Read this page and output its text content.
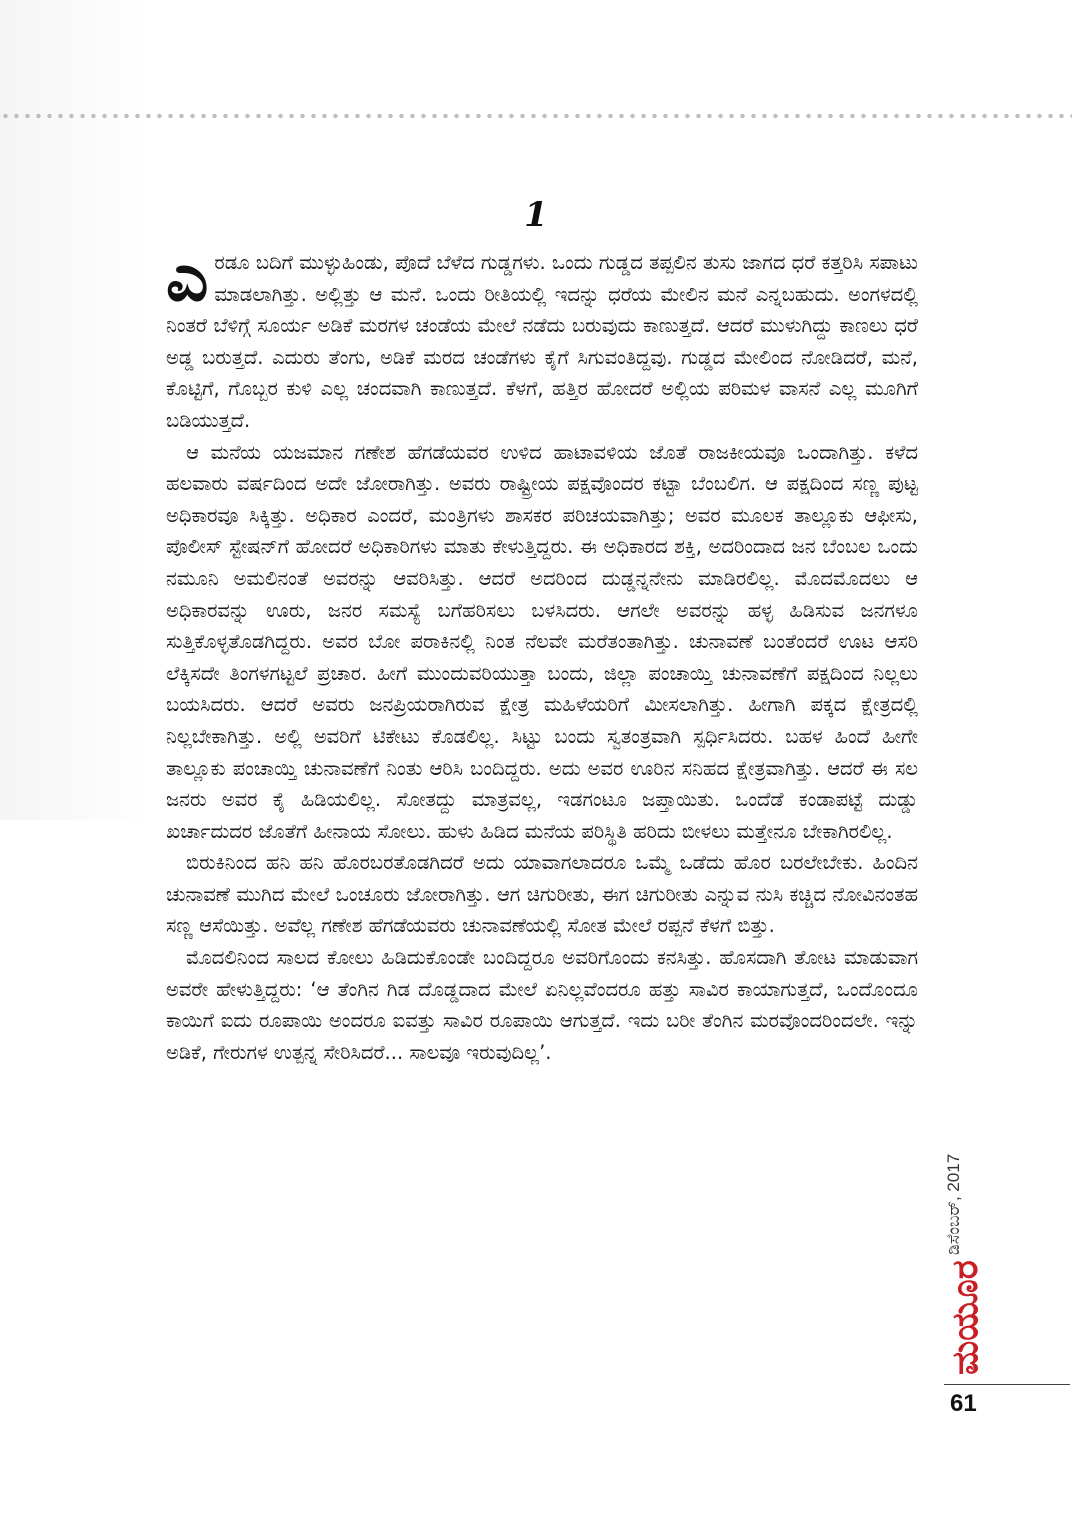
1

ಎರಡೂ ಬದಿಗೆ ಮುಳ್ಳುಹಿಂಡು, ಪೊದೆ ಬೆಳೆದ ಗುಡ್ಡಗಳು. ಒಂದು ಗುಡ್ಡದ ತಪ್ಪಲಿನ ತುಸು ಜಾಗದ ಧರೆ ಕತ್ತರಿಸಿ ಸಪಾಟು ಮಾಡಲಾಗಿತ್ತು. ಅಲ್ಲಿತ್ತು ಆ ಮನೆ. ಒಂದು ರೀತಿಯಲ್ಲಿ ಇದನ್ನು ಧರೆಯ ಮೇಲಿನ ಮನೆ ಎನ್ನಬಹುದು. ಅಂಗಳದಲ್ಲಿ ನಿಂತರೆ ಬೆಳಿಗ್ಗೆ ಸೂರ್ಯ ಅಡಿಕೆ ಮರಗಳ ಚಂಡೆಯ ಮೇಲೆ ನಡೆದು ಬರುವುದು ಕಾಣುತ್ತದೆ. ಆದರೆ ಮುಳುಗಿದ್ದು ಕಾಣಲು ಧರೆ ಅಡ್ಡ ಬರುತ್ತದೆ. ಎದುರು ತೆಂಗು, ಅಡಿಕೆ ಮರದ ಚಂಡೆಗಳು ಕೈಗೆ ಸಿಗುವಂತಿದ್ದವು. ಗುಡ್ಡದ ಮೇಲಿಂದ ನೋಡಿದರೆ, ಮನೆ, ಕೊಟ್ಟಿಗೆ, ಗೊಬ್ಬರ ಕುಳಿ ಎಲ್ಲ ಚಂದವಾಗಿ ಕಾಣುತ್ತದೆ. ಕೆಳಗೆ, ಹತ್ತಿರ ಹೋದರೆ ಅಲ್ಲಿಯ ಪರಿಮಳ ವಾಸನೆ ಎಲ್ಲ ಮೂಗಿಗೆ ಬಡಿಯುತ್ತದೆ.

ಆ ಮನೆಯ ಯಜಮಾನ ಗಣೇಶ ಹೆಗಡೆಯವರ ಉಳಿದ ಹಾಟಾವಳಿಯ ಜೊತೆ ರಾಜಕೀಯವೂ ಒಂದಾಗಿತ್ತು. ಕಳೆದ ಹಲವಾರು ವರ್ಷದಿಂದ ಅದೇ ಜೋರಾಗಿತ್ತು. ಅವರು ರಾಷ್ಟ್ರೀಯ ಪಕ್ಷವೊಂದರ ಕಟ್ಟಾ ಬೆಂಬಲಿಗ. ಆ ಪಕ್ಷದಿಂದ ಸಣ್ಣ ಪುಟ್ಟ ಅಧಿಕಾರವೂ ಸಿಕ್ಕಿತ್ತು. ಅಧಿಕಾರ ಎಂದರೆ, ಮಂತ್ರಿಗಳು ಶಾಸಕರ ಪರಿಚಯವಾಗಿತ್ತು; ಅವರ ಮೂಲಕ ತಾಲ್ಲೂಕು ಆಫೀಸು, ಪೊಲೀಸ್ ಸ್ಟೇಷನ್‌ಗೆ ಹೋದರೆ ಅಧಿಕಾರಿಗಳು ಮಾತು ಕೇಳುತ್ತಿದ್ದರು. ಈ ಅಧಿಕಾರದ ಶಕ್ತಿ, ಅದರಿಂದಾದ ಜನ ಬೆಂಬಲ ಒಂದು ನಮೂನಿ ಅಮಲಿನಂತೆ ಅವರನ್ನು ಆವರಿಸಿತ್ತು. ಆದರೆ ಅದರಿಂದ ದುಡ್ಡನ್ನನೇನು ಮಾಡಿರಲಿಲ್ಲ. ಮೊದಮೊದಲು ಆ ಅಧಿಕಾರವನ್ನು ಊರು, ಜನರ ಸಮಸ್ಯೆ ಬಗೆಹರಿಸಲು ಬಳಸಿದರು. ಆಗಲೇ ಅವರನ್ನು ಹಳ್ಳ ಹಿಡಿಸುವ ಜನಗಳೂ ಸುತ್ತಿಕೊಳ್ಳತೊಡಗಿದ್ದರು. ಅವರ ಬೋ ಪರಾಕಿನಲ್ಲಿ ನಿಂತ ನೆಲವೇ ಮರೆತಂತಾಗಿತ್ತು. ಚುನಾವಣೆ ಬಂತೆಂದರೆ ಊಟ ಆಸರಿ ಲೆಕ್ಕಿಸದೇ ತಿಂಗಳಗಟ್ಟಲೆ ಪ್ರಚಾರ. ಹೀಗೆ ಮುಂದುವರಿಯುತ್ತಾ ಬಂದು, ಜಿಲ್ಲಾ ಪಂಚಾಯ್ತಿ ಚುನಾವಣೆಗೆ ಪಕ್ಷದಿಂದ ನಿಲ್ಲಲು ಬಯಸಿದರು. ಆದರೆ ಅವರು ಜನಪ್ರಿಯರಾಗಿರುವ ಕ್ಷೇತ್ರ ಮಹಿಳೆಯರಿಗೆ ಮೀಸಲಾಗಿತ್ತು. ಹೀಗಾಗಿ ಪಕ್ಕದ ಕ್ಷೇತ್ರದಲ್ಲಿ ನಿಲ್ಲಬೇಕಾಗಿತ್ತು. ಅಲ್ಲಿ ಅವರಿಗೆ ಟಿಕೇಟು ಕೊಡಲಿಲ್ಲ. ಸಿಟ್ಟು ಬಂದು ಸ್ವತಂತ್ರವಾಗಿ ಸ್ಪರ್ಧಿಸಿದರು. ಬಹಳ ಹಿಂದೆ ಹೀಗೇ ತಾಲ್ಲೂಕು ಪಂಚಾಯ್ತಿ ಚುನಾವಣೆಗೆ ನಿಂತು ಆರಿಸಿ ಬಂದಿದ್ದರು. ಅದು ಅವರ ಊರಿನ ಸನಿಹದ ಕ್ಷೇತ್ರವಾಗಿತ್ತು. ಆದರೆ ಈ ಸಲ ಜನರು ಅವರ ಕೈ ಹಿಡಿಯಲಿಲ್ಲ. ಸೋತದ್ದು ಮಾತ್ರವಲ್ಲ, ಇಡಗಂಟೂ ಜಪ್ತಾಯಿತು. ಒಂದೆಡೆ ಕಂಡಾಪಟ್ಟೆ ದುಡ್ಡು ಖರ್ಚಾದುದರ ಜೊತೆಗೆ ಹೀನಾಯ ಸೋಲು. ಹುಳು ಹಿಡಿದ ಮನೆಯ ಪರಿಸ್ಥಿತಿ ಹರಿದು ಬೀಳಲು ಮತ್ತೇನೂ ಬೇಕಾಗಿರಲಿಲ್ಲ.

ಬಿರುಕಿನಿಂದ ಹನಿ ಹನಿ ಹೊರಬರತೊಡಗಿದರೆ ಅದು ಯಾವಾಗಲಾದರೂ ಒಮ್ಮೆ ಒಡೆದು ಹೊರ ಬರಲೇಬೇಕು. ಹಿಂದಿನ ಚುನಾವಣೆ ಮುಗಿದ ಮೇಲೆ ಒಂಚೂರು ಜೋರಾಗಿತ್ತು. ಆಗ ಚಿಗುರೀತು, ಈಗ ಚಿಗುರೀತು ಎನ್ನುವ ನುಸಿ ಕಚ್ಚಿದ ನೋವಿನಂತಹ ಸಣ್ಣ ಆಸೆಯಿತ್ತು. ಅವೆಲ್ಲ ಗಣೇಶ ಹೆಗಡೆಯವರು ಚುನಾವಣೆಯಲ್ಲಿ ಸೋತ ಮೇಲೆ ರಪ್ಪನೆ ಕೆಳಗೆ ಬಿತ್ತು.

ಮೊದಲಿನಿಂದ ಸಾಲದ ಕೋಲು ಹಿಡಿದುಕೊಂಡೇ ಬಂದಿದ್ದರೂ ಅವರಿಗೊಂದು ಕನಸಿತ್ತು. ಹೊಸದಾಗಿ ತೋಟ ಮಾಡುವಾಗ ಅವರೇ ಹೇಳುತ್ತಿದ್ದರು: ‘ಆ ತೆಂಗಿನ ಗಿಡ ದೊಡ್ಡದಾದ ಮೇಲೆ ಏನಿಲ್ಲವೆಂದರೂ ಹತ್ತು ಸಾವಿರ ಕಾಯಾಗುತ್ತದೆ, ಒಂದೊಂದೂ ಕಾಯಿಗೆ ಐದು ರೂಪಾಯಿ ಅಂದರೂ ಐವತ್ತು ಸಾವಿರ ರೂಪಾಯಿ ಆಗುತ್ತದೆ. ಇದು ಬರೀ ತೆಂಗಿನ ಮರವೊಂದರಿಂದಲೇ. ಇನ್ನು ಅಡಿಕೆ, ಗೇರುಗಳ ಉತ್ಪನ್ನ ಸೇರಿಸಿದರೆ... ಸಾಲವೂ ಇರುವುದಿಲ್ಲ’.

ಡಿಸೆಂಬರ್, 2017
ಮಯೂರ
61
